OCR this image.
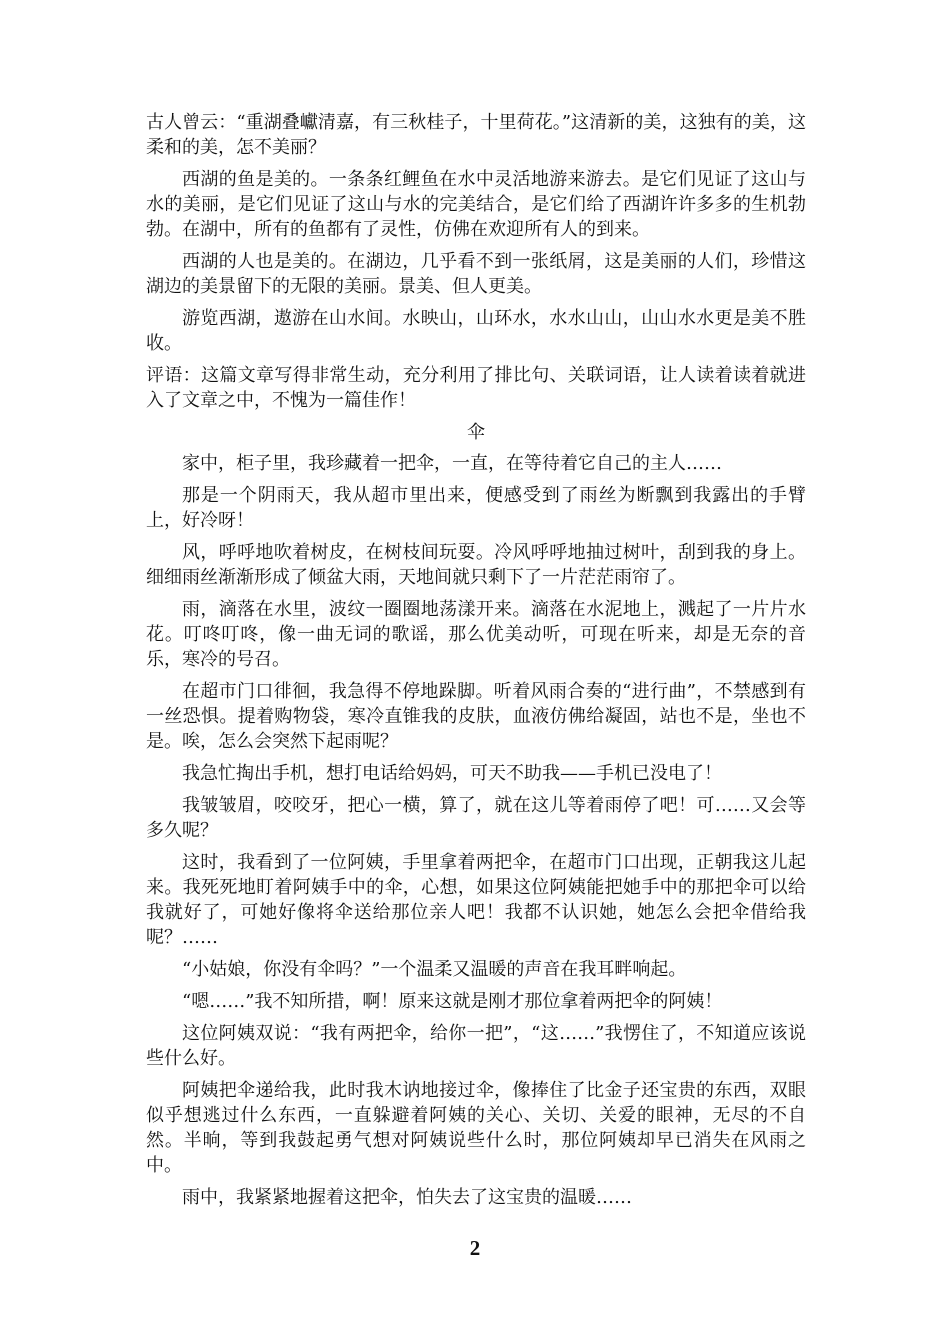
古人曾云：“重湖叠巘清嘉，有三秋桂子，十里荷花。”这清新的美，这独有的美，这柔和的美，怎不美丽？

西湖的鱼是美的。一条条红鲤鱼在水中灵活地游来游去。是它们见证了这山与水的美丽，是它们见证了这山与水的完美结合，是它们给了西湖许许多多的生机勃勃。在湖中，所有的鱼都有了灵性，仿佛在欢迎所有人的到来。

西湖的人也是美的。在湖边，几乎看不到一张纸屑，这是美丽的人们，珍惜这湖边的美景留下的无限的美丽。景美、但人更美。

游览西湖，遨游在山水间。水映山，山环水，水水山山，山山水水更是美不胜收。

评语：这篇文章写得非常生动，充分利用了排比句、关联词语，让人读着读着就进入了文章之中，不愧为一篇佳作！

伞

家中，柜子里，我珍藏着一把伞，一直，在等待着它自己的主人……

那是一个阴雨天，我从超市里出来，便感受到了雨丝为断飘到我露出的手臂上，好冷呀！

风，呼呼地吹着树皮，在树枝间玩耍。冷风呼呼地抽过树叶，刮到我的身上。细细雨丝渐渐形成了倾盆大雨，天地间就只剩下了一片茫茫雨帘了。

雨，滴落在水里，波纹一圈圈地荡漾开来。滴落在水泥地上，溅起了一片片水花。叮咚叮咚，像一曲无词的歌谣，那么优美动听，可现在听来，却是无奈的音乐，寒冷的号召。

在超市门口徘徊，我急得不停地跺脚。听着风雨合奏的“进行曲”，不禁感到有一丝恐惧。提着购物袋，寒冷直锥我的皮肤，血液仿佛给凝固，站也不是，坐也不是。唉，怎么会突然下起雨呢？

我急忙掏出手机，想打电话给妈妈，可天不助我——手机已没电了！

我皱皱眉，咬咬牙，把心一横，算了，就在这儿等着雨停了吧！可……又会等多久呢？

这时，我看到了一位阿姨，手里拿着两把伞，在超市门口出现，正朝我这儿起来。我死死地盯着阿姨手中的伞，心想，如果这位阿姨能把她手中的那把伞可以给我就好了，可她好像将伞送给那位亲人吧！我都不认识她，她怎么会把伞借给我呢？……

“小姑娘，你没有伞吗？”一个温柔又温暖的声音在我耳畔响起。

“嗯……”我不知所措，啊！原来这就是刚才那位拿着两把伞的阿姨！

这位阿姨双说：“我有两把伞，给你一把”，“这……”我愣住了，不知道应该说些什么好。

阿姨把伞递给我，此时我木讷地接过伞，像捧住了比金子还宝贵的东西，双眼似乎想逃过什么东西，一直躲避着阿姨的关心、关切、关爱的眼神，无尽的不自然。半晌，等到我鼓起勇气想对阿姨说些什么时，那位阿姨却早已消失在风雨之中。

雨中，我紧紧地握着这把伞，怕失去了这宝贵的温暖……

2
